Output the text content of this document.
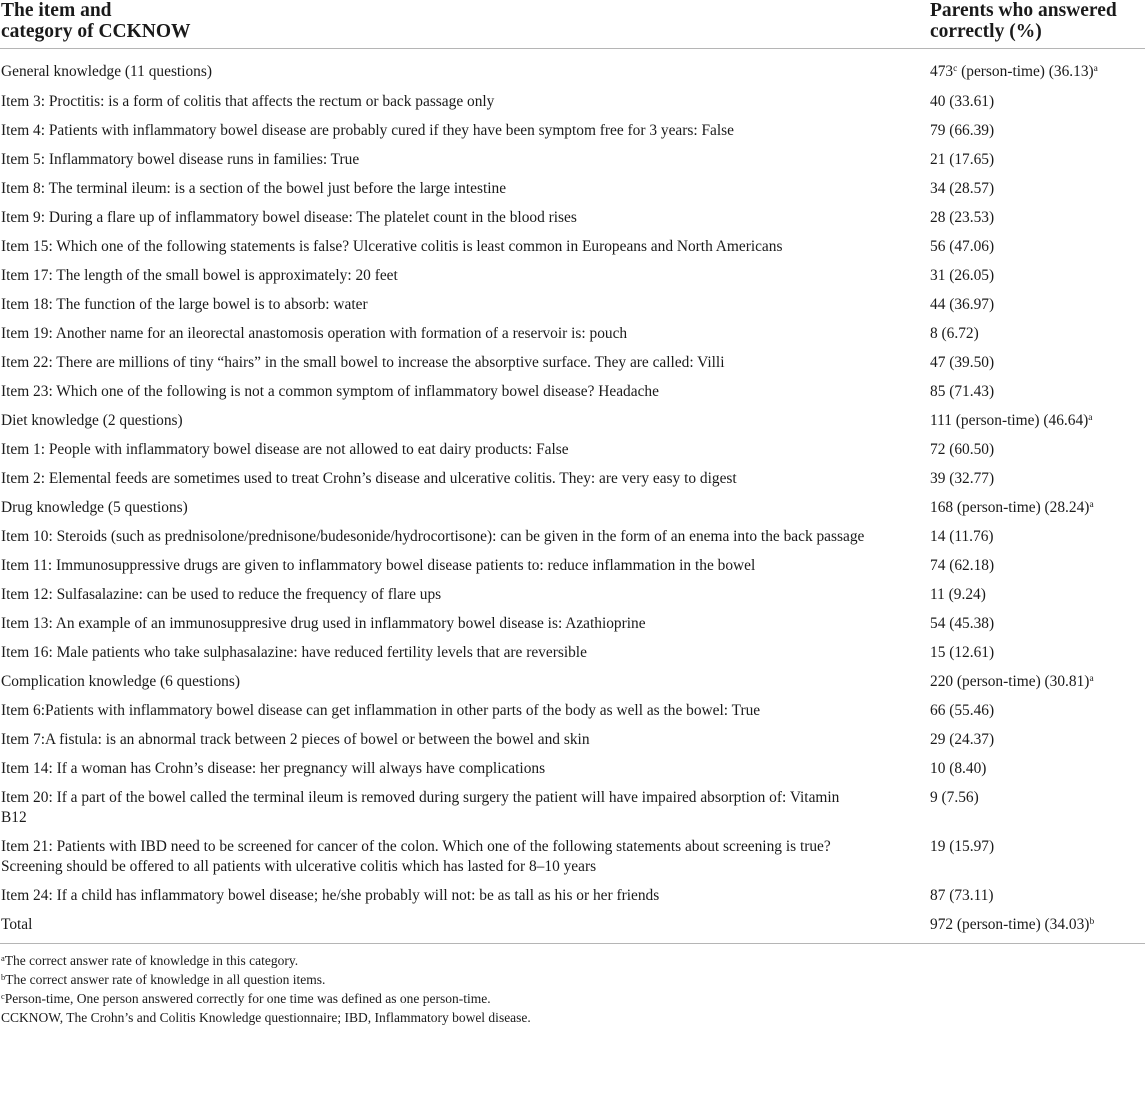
The item and
category of CCKNOW	Parents who answered
correctly (%)
General knowledge (11 questions)	473$^c$ (person-time) $(36.13)^a$
Item 3: Proctitis: is a form of colitis that affects the rectum or back passage only	40 (33.61)
Item 4: Patients with inflammatory bowel disease are probably cured if they have been symptom free for 3 years: False	79 (66.39)
Item 5: Inflammatory bowel disease runs in families: True	21 (17.65)
Item 8: The terminal ileum: is a section of the bowel just before the large intestine	34 (28.57)
Item 9: During a flare up of inflammatory bowel disease: The platelet count in the blood rises	28 (23.53)
Item 15: Which one of the following statements is false? Ulcerative colitis is least common in Europeans and North Americans	56 (47.06)
Item 17: The length of the small bowel is approximately: 20 feet	31 (26.05)
Item 18: The function of the large bowel is to absorb: water	44 (36.97)
Item 19: Another name for an ileorectal anastomosis operation with formation of a reservoir is: pouch	8 (6.72)
Item 22: There are millions of tiny “hairs” in the small bowel to increase the absorptive surface. They are called: Villi	47 (39.50)
Item 23: Which one of the following is not a common symptom of inflammatory bowel disease? Headache	85 (71.43)
Diet knowledge (2 questions)	111 (person-time) $(46.64)^a$
Item 1: People with inflammatory bowel disease are not allowed to eat dairy products: False	72 (60.50)
Item 2: Elemental feeds are sometimes used to treat Crohn’s disease and ulcerative colitis. They: are very easy to digest	39 (32.77)
Drug knowledge (5 questions)	168 (person-time) $(28.24)^a$
Item 10: Steroids (such as prednisolone/prednisone/budesonide/hydrocortisone): can be given in the form of an enema into the back passage	14 (11.76)
Item 11: Immunosuppressive drugs are given to inflammatory bowel disease patients to: reduce inflammation in the bowel	74 (62.18)
Item 12: Sulfasalazine: can be used to reduce the frequency of flare ups	11 (9.24)
Item 13: An example of an immunosuppresive drug used in inflammatory bowel disease is: Azathioprine	54 (45.38)
Item 16: Male patients who take sulphasalazine: have reduced fertility levels that are reversible	15 (12.61)
Complication knowledge (6 questions)	220 (person-time) $(30.81)^a$
Item 6:Patients with inflammatory bowel disease can get inflammation in other parts of the body as well as the bowel: True	66 (55.46)
Item 7:A fistula: is an abnormal track between 2 pieces of bowel or between the bowel and skin	29 (24.37)
Item 14: If a woman has Crohn’s disease: her pregnancy will always have complications	10 (8.40)
Item 20: If a part of the bowel called the terminal ileum is removed during surgery the patient will have impaired absorption of: Vitamin B12	9 (7.56)
Item 21: Patients with IBD need to be screened for cancer of the colon. Which one of the following statements about screening is true? Screening should be offered to all patients with ulcerative colitis which has lasted for 8–10 years	19 (15.97)
Item 24: If a child has inflammatory bowel disease; he/she probably will not: be as tall as his or her friends	87 (73.11)
Total	972 (person-time) $(34.03)^b$
$^a$The correct answer rate of knowledge in this category.
$^b$The correct answer rate of knowledge in all question items.
$^c$Person-time, One person answered correctly for one time was defined as one person-time.
CCKNOW, The Crohn’s and Colitis Knowledge questionnaire; IBD, Inflammatory bowel disease.
